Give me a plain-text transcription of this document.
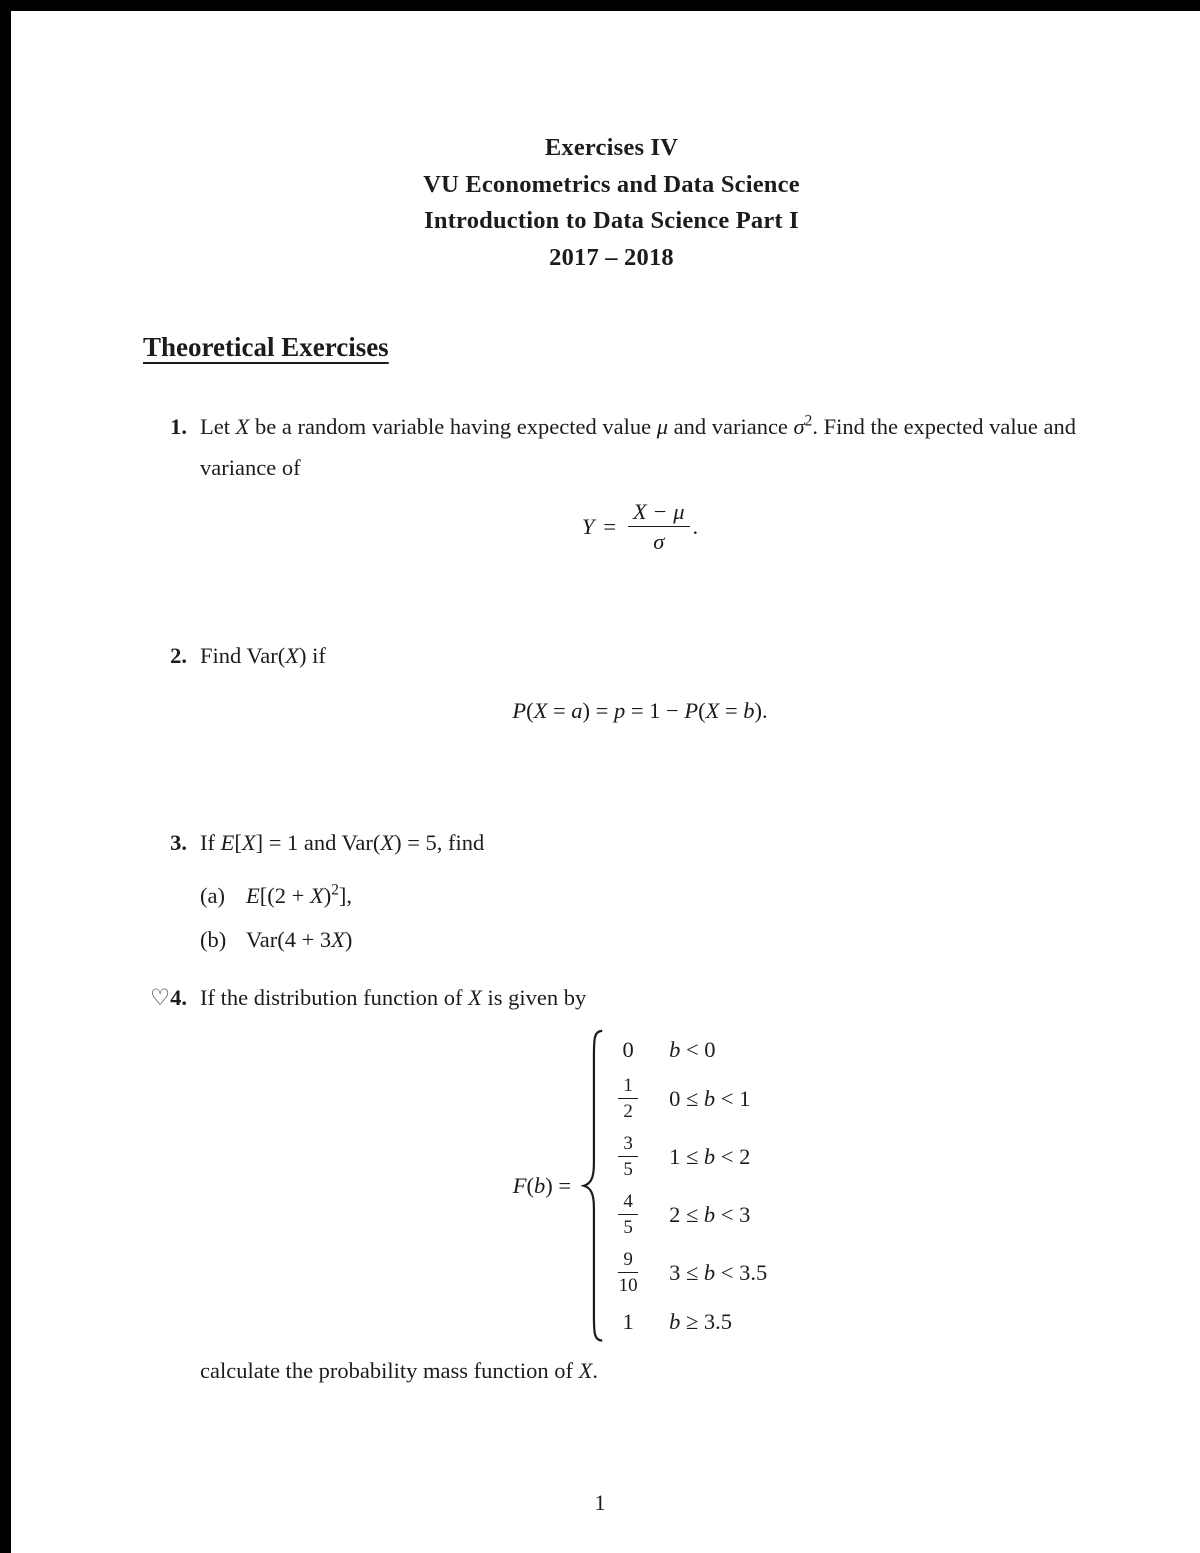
Exercises IV
VU Econometrics and Data Science
Introduction to Data Science Part I
2017 – 2018
Theoretical Exercises
1. Let X be a random variable having expected value μ and variance $\sigma^2$. Find the expected value and variance of

$Y = \frac{X - \mu}{\sigma}$ .
2. Find Var(X) if

P(X = a) = p = 1 − P(X = b).
3. If E[X] = 1 and Var(X) = 5, find

(a) $E[(2 + X)^2]$,
(b) Var(4 + 3X)
♡4. If the distribution function of X is given by

F(b) =
0 b < 0
$\frac{1}{2} 0 \le b < 1$
$\frac{3}{5} 1 \le b < 2$
$\frac{4}{5} 2 \le b < 3$
$\frac{9}{10} 3 \le b < 3.5$
1 b ≥ 3.5

calculate the probability mass function of X.

1
